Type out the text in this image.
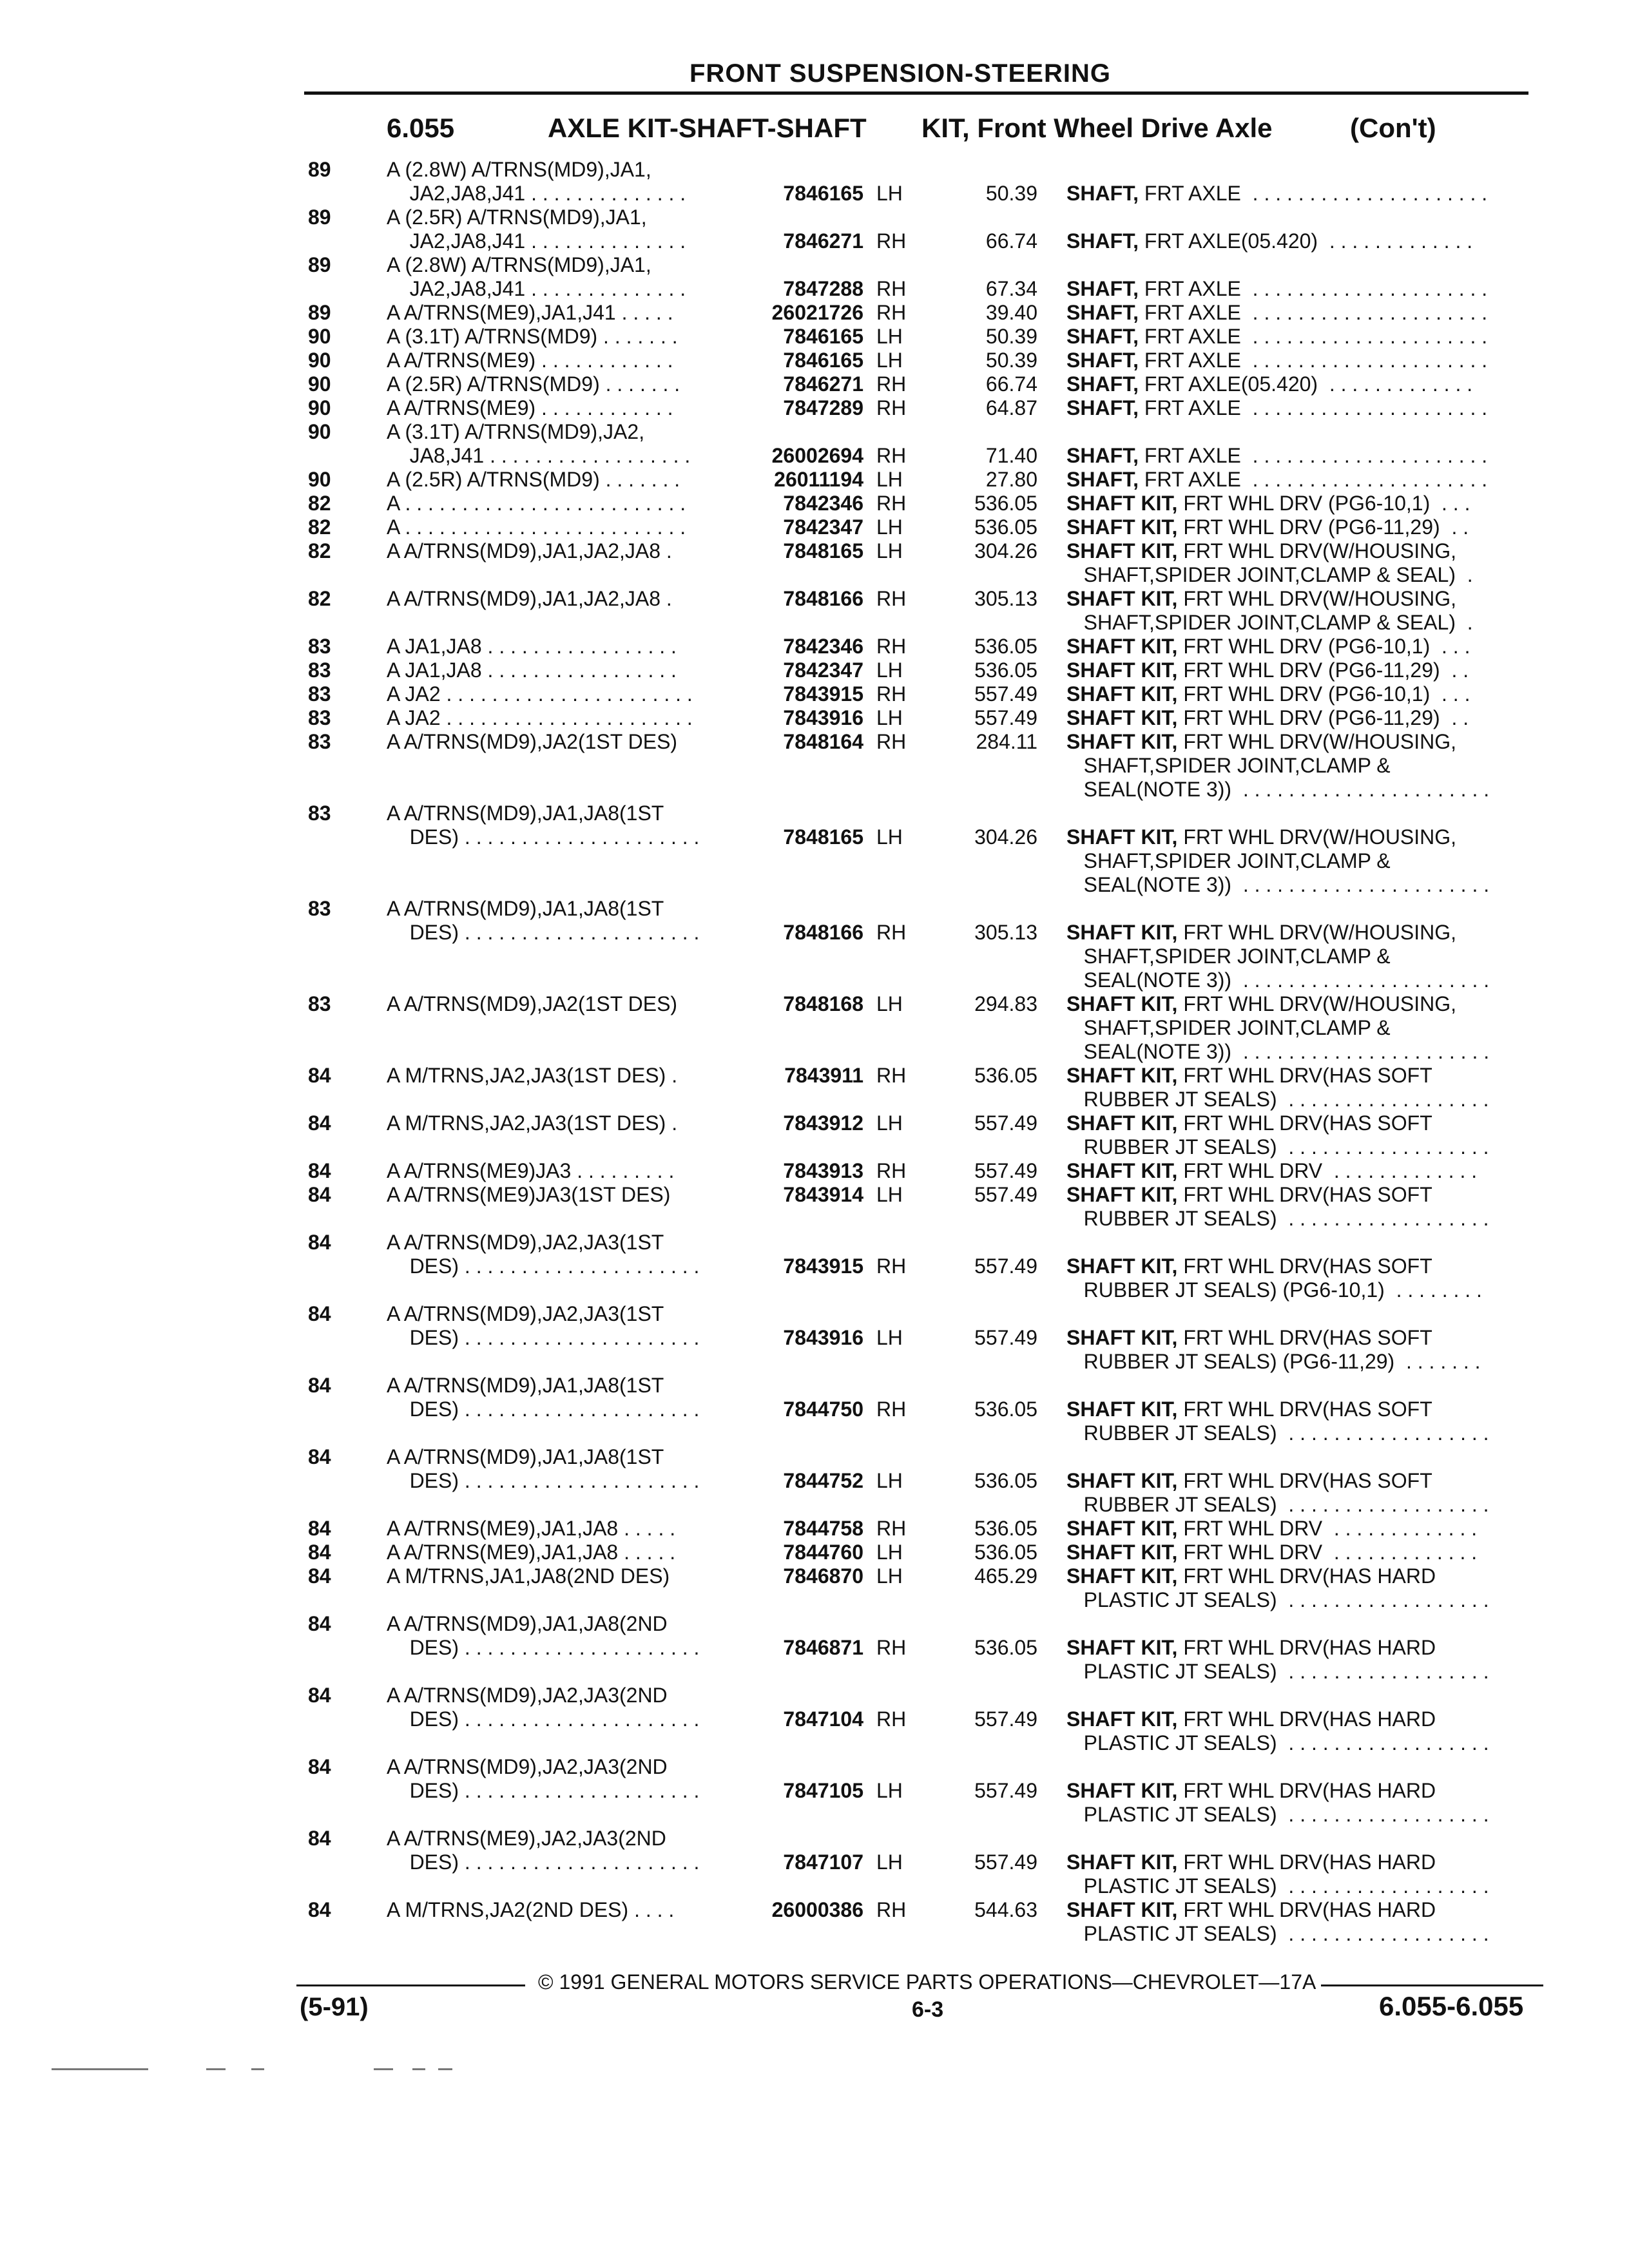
FRONT SUSPENSION-STEERING
6.055	AXLE KIT-SHAFT-SHAFT KIT, Front Wheel Drive Axle	(Con't)
89	A (2.8W) A/TRNS(MD9),JA1,
JA2,JA8,J41 . . . . . . . . . . . . . .	7846165 LH	50.39 SHAFT, FRT AXLE  . . . . . . . . . . . . . . . . . . . . .
89	A (2.5R) A/TRNS(MD9),JA1,
JA2,JA8,J41 . . . . . . . . . . . . . .	7846271 RH	66.74 SHAFT, FRT AXLE(05.420)  . . . . . . . . . . . . .
89	A (2.8W) A/TRNS(MD9),JA1,
JA2,JA8,J41 . . . . . . . . . . . . . .	7847288 RH	67.34 SHAFT, FRT AXLE  . . . . . . . . . . . . . . . . . . . . .
89	A A/TRNS(ME9),JA1,J41 . . . . .	26021726 RH	39.40 SHAFT, FRT AXLE  . . . . . . . . . . . . . . . . . . . . .
90	A (3.1T) A/TRNS(MD9) . . . . . . .	7846165 LH	50.39 SHAFT, FRT AXLE  . . . . . . . . . . . . . . . . . . . . .
90	A A/TRNS(ME9) . . . . . . . . . . . .	7846165 LH	50.39 SHAFT, FRT AXLE  . . . . . . . . . . . . . . . . . . . . .
90	A (2.5R) A/TRNS(MD9) . . . . . . .	7846271 RH	66.74 SHAFT, FRT AXLE(05.420)  . . . . . . . . . . . . .
90	A A/TRNS(ME9) . . . . . . . . . . . .	7847289 RH	64.87 SHAFT, FRT AXLE  . . . . . . . . . . . . . . . . . . . . .
90	A (3.1T) A/TRNS(MD9),JA2,
JA8,J41 . . . . . . . . . . . . . . . . . .	26002694 RH	71.40 SHAFT, FRT AXLE  . . . . . . . . . . . . . . . . . . . . .
90	A (2.5R) A/TRNS(MD9) . . . . . . .	26011194 LH	27.80 SHAFT, FRT AXLE  . . . . . . . . . . . . . . . . . . . . .
82	A . . . . . . . . . . . . . . . . . . . . . . . . .	7842346 RH	536.05 SHAFT KIT, FRT WHL DRV (PG6-10,1)  . . .
82	A . . . . . . . . . . . . . . . . . . . . . . . . .	7842347 LH	536.05 SHAFT KIT, FRT WHL DRV (PG6-11,29)  . .
82	A A/TRNS(MD9),JA1,JA2,JA8 .	7848165 LH	304.26 SHAFT KIT, FRT WHL DRV(W/HOUSING,
SHAFT,SPIDER JOINT,CLAMP & SEAL)  .
82	A A/TRNS(MD9),JA1,JA2,JA8 .	7848166 RH	305.13 SHAFT KIT, FRT WHL DRV(W/HOUSING,
SHAFT,SPIDER JOINT,CLAMP & SEAL)  .
83	A JA1,JA8 . . . . . . . . . . . . . . . . .	7842346 RH	536.05 SHAFT KIT, FRT WHL DRV (PG6-10,1)  . . .
83	A JA1,JA8 . . . . . . . . . . . . . . . . .	7842347 LH	536.05 SHAFT KIT, FRT WHL DRV (PG6-11,29)  . .
83	A JA2 . . . . . . . . . . . . . . . . . . . . . .	7843915 RH	557.49 SHAFT KIT, FRT WHL DRV (PG6-10,1)  . . .
83	A JA2 . . . . . . . . . . . . . . . . . . . . . .	7843916 LH	557.49 SHAFT KIT, FRT WHL DRV (PG6-11,29)  . .
83	A A/TRNS(MD9),JA2(1ST DES)	7848164 RH	284.11 SHAFT KIT, FRT WHL DRV(W/HOUSING,
SHAFT,SPIDER JOINT,CLAMP &
SEAL(NOTE 3))  . . . . . . . . . . . . . . . . . . . . . .
83	A A/TRNS(MD9),JA1,JA8(1ST
DES) . . . . . . . . . . . . . . . . . . . . .	7848165 LH	304.26 SHAFT KIT, FRT WHL DRV(W/HOUSING,
SHAFT,SPIDER JOINT,CLAMP &
SEAL(NOTE 3))  . . . . . . . . . . . . . . . . . . . . . .
83	A A/TRNS(MD9),JA1,JA8(1ST
DES) . . . . . . . . . . . . . . . . . . . . .	7848166 RH	305.13 SHAFT KIT, FRT WHL DRV(W/HOUSING,
SHAFT,SPIDER JOINT,CLAMP &
SEAL(NOTE 3))  . . . . . . . . . . . . . . . . . . . . . .
83	A A/TRNS(MD9),JA2(1ST DES)	7848168 LH	294.83 SHAFT KIT, FRT WHL DRV(W/HOUSING,
SHAFT,SPIDER JOINT,CLAMP &
SEAL(NOTE 3))  . . . . . . . . . . . . . . . . . . . . . .
84	A M/TRNS,JA2,JA3(1ST DES) .	7843911 RH	536.05 SHAFT KIT, FRT WHL DRV(HAS SOFT
RUBBER JT SEALS)  . . . . . . . . . . . . . . . . . .
84	A M/TRNS,JA2,JA3(1ST DES) .	7843912 LH	557.49 SHAFT KIT, FRT WHL DRV(HAS SOFT
RUBBER JT SEALS)  . . . . . . . . . . . . . . . . . .
84	A A/TRNS(ME9)JA3 . . . . . . . . .	7843913 RH	557.49 SHAFT KIT, FRT WHL DRV  . . . . . . . . . . . . .
84	A A/TRNS(ME9)JA3(1ST DES)	7843914 LH	557.49 SHAFT KIT, FRT WHL DRV(HAS SOFT
RUBBER JT SEALS)  . . . . . . . . . . . . . . . . . .
84	A A/TRNS(MD9),JA2,JA3(1ST
DES) . . . . . . . . . . . . . . . . . . . . .	7843915 RH	557.49 SHAFT KIT, FRT WHL DRV(HAS SOFT
RUBBER JT SEALS) (PG6-10,1)  . . . . . . . .
84	A A/TRNS(MD9),JA2,JA3(1ST
DES) . . . . . . . . . . . . . . . . . . . . .	7843916 LH	557.49 SHAFT KIT, FRT WHL DRV(HAS SOFT
RUBBER JT SEALS) (PG6-11,29)  . . . . . . .
84	A A/TRNS(MD9),JA1,JA8(1ST
DES) . . . . . . . . . . . . . . . . . . . . .	7844750 RH	536.05 SHAFT KIT, FRT WHL DRV(HAS SOFT
RUBBER JT SEALS)  . . . . . . . . . . . . . . . . . .
84	A A/TRNS(MD9),JA1,JA8(1ST
DES) . . . . . . . . . . . . . . . . . . . . .	7844752 LH	536.05 SHAFT KIT, FRT WHL DRV(HAS SOFT
RUBBER JT SEALS)  . . . . . . . . . . . . . . . . . .
84	A A/TRNS(ME9),JA1,JA8 . . . . .	7844758 RH	536.05 SHAFT KIT, FRT WHL DRV  . . . . . . . . . . . . .
84	A A/TRNS(ME9),JA1,JA8 . . . . .	7844760 LH	536.05 SHAFT KIT, FRT WHL DRV  . . . . . . . . . . . . .
84	A M/TRNS,JA1,JA8(2ND DES)	7846870 LH	465.29 SHAFT KIT, FRT WHL DRV(HAS HARD
PLASTIC JT SEALS)  . . . . . . . . . . . . . . . . . .
84	A A/TRNS(MD9),JA1,JA8(2ND
DES) . . . . . . . . . . . . . . . . . . . . .	7846871 RH	536.05 SHAFT KIT, FRT WHL DRV(HAS HARD
PLASTIC JT SEALS)  . . . . . . . . . . . . . . . . . .
84	A A/TRNS(MD9),JA2,JA3(2ND
DES) . . . . . . . . . . . . . . . . . . . . .	7847104 RH	557.49 SHAFT KIT, FRT WHL DRV(HAS HARD
PLASTIC JT SEALS)  . . . . . . . . . . . . . . . . . .
84	A A/TRNS(MD9),JA2,JA3(2ND
DES) . . . . . . . . . . . . . . . . . . . . .	7847105 LH	557.49 SHAFT KIT, FRT WHL DRV(HAS HARD
PLASTIC JT SEALS)  . . . . . . . . . . . . . . . . . .
84	A A/TRNS(ME9),JA2,JA3(2ND
DES) . . . . . . . . . . . . . . . . . . . . .	7847107 LH	557.49 SHAFT KIT, FRT WHL DRV(HAS HARD
PLASTIC JT SEALS)  . . . . . . . . . . . . . . . . . .
84	A M/TRNS,JA2(2ND DES) . . . .	26000386 RH	544.63 SHAFT KIT, FRT WHL DRV(HAS HARD
PLASTIC JT SEALS)  . . . . . . . . . . . . . . . . . .
© 1991 GENERAL MOTORS SERVICE PARTS OPERATIONS—CHEVROLET—17A
(5-91)	6-3	6.055-6.055
